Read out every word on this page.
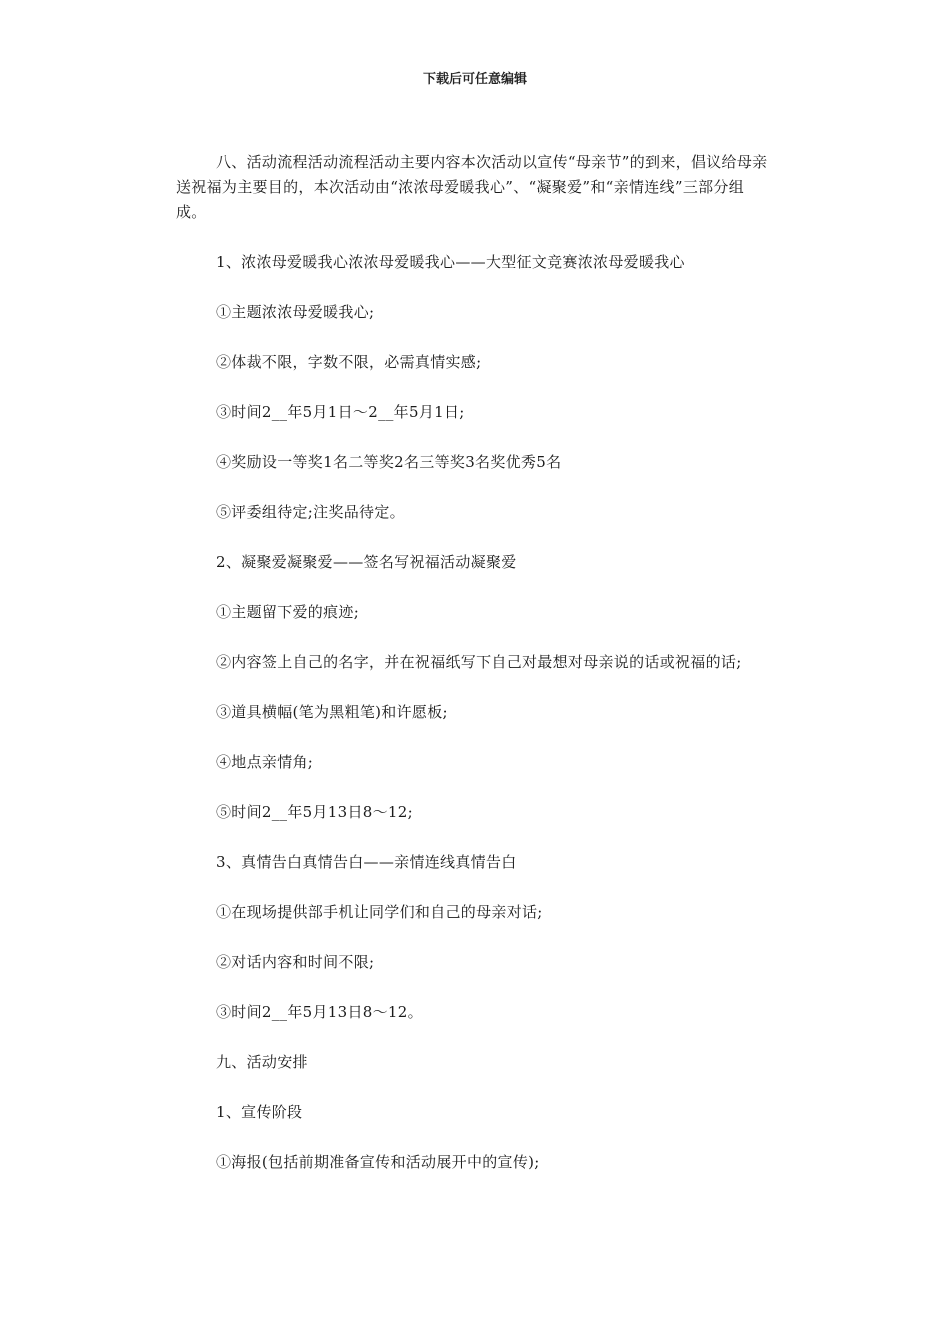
下载后可任意编辑

八、活动流程活动流程活动主要内容本次活动以宣传“母亲节”的到来，倡议给母亲送祝福为主要目的，本次活动由“浓浓母爱暖我心”、“凝聚爱”和“亲情连线”三部分组成。

1、浓浓母爱暖我心浓浓母爱暖我心——大型征文竞赛浓浓母爱暖我心

①主题浓浓母爱暖我心;

②体裁不限，字数不限，必需真情实感;

③时间2__年5月1日～2__年5月1日;

④奖励设一等奖1名二等奖2名三等奖3名奖优秀5名

⑤评委组待定;注奖品待定。

2、凝聚爱凝聚爱——签名写祝福活动凝聚爱

①主题留下爱的痕迹;

②内容签上自己的名字，并在祝福纸写下自己对最想对母亲说的话或祝福的话;

③道具横幅(笔为黑粗笔)和许愿板;

④地点亲情角;

⑤时间2__年5月13日8～12;

3、真情告白真情告白——亲情连线真情告白

①在现场提供部手机让同学们和自己的母亲对话;

②对话内容和时间不限;

③时间2__年5月13日8～12。

九、活动安排

1、宣传阶段

①海报(包括前期准备宣传和活动展开中的宣传);
